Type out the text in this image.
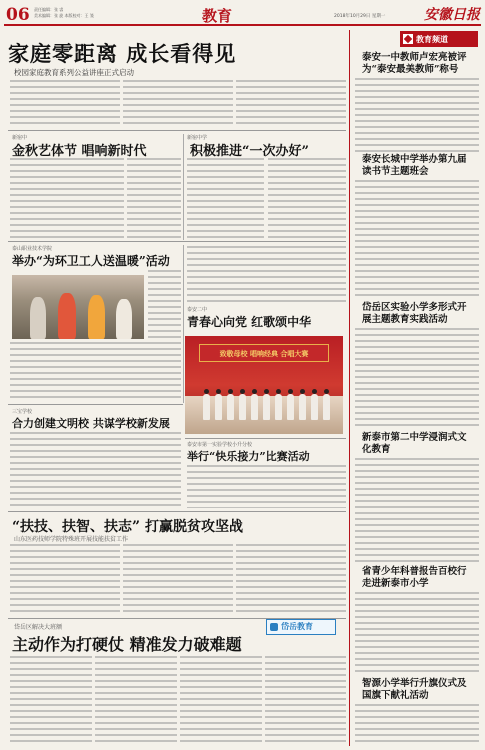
06 责任编辑：张 睿
美术编辑：张 旋 本版校对：王 笺	教育	2018年10月29日 星期一	安徽日报
家庭零距离 成长看得见
校园家庭教育系列公益讲座正式启动
新宿中
金秋艺体节 唱响新时代
新宿中学
积极推进“一次办好”
泰山职业技术学院
举办“为环卫工人送温暖”活动
泰安二中
青春心向党 红歌颂中华
致敬母校 唱响经典 合唱大赛
三宝学校
合力创建文明校 共谋学校新发展
泰安市第一实验学校小升分校
举行“快乐接力”比赛活动
“扶技、扶智、扶志” 打赢脱贫攻坚战
山东医药技师学院特殊班开展技能扶贫工作
岱岳区解决大班额	岱岳教育
主动作为打硬仗 精准发力破难题
教育频道
泰安一中教师卢宏亮被评为“泰安最美教师”称号
泰安长城中学举办第九届读书节主题班会
岱岳区实验小学多形式开展主题教育实践活动
新泰市第二中学浸润式文化教育
省青少年科普报告百校行走进新泰市小学
智源小学举行升旗仪式及国旗下献礼活动
